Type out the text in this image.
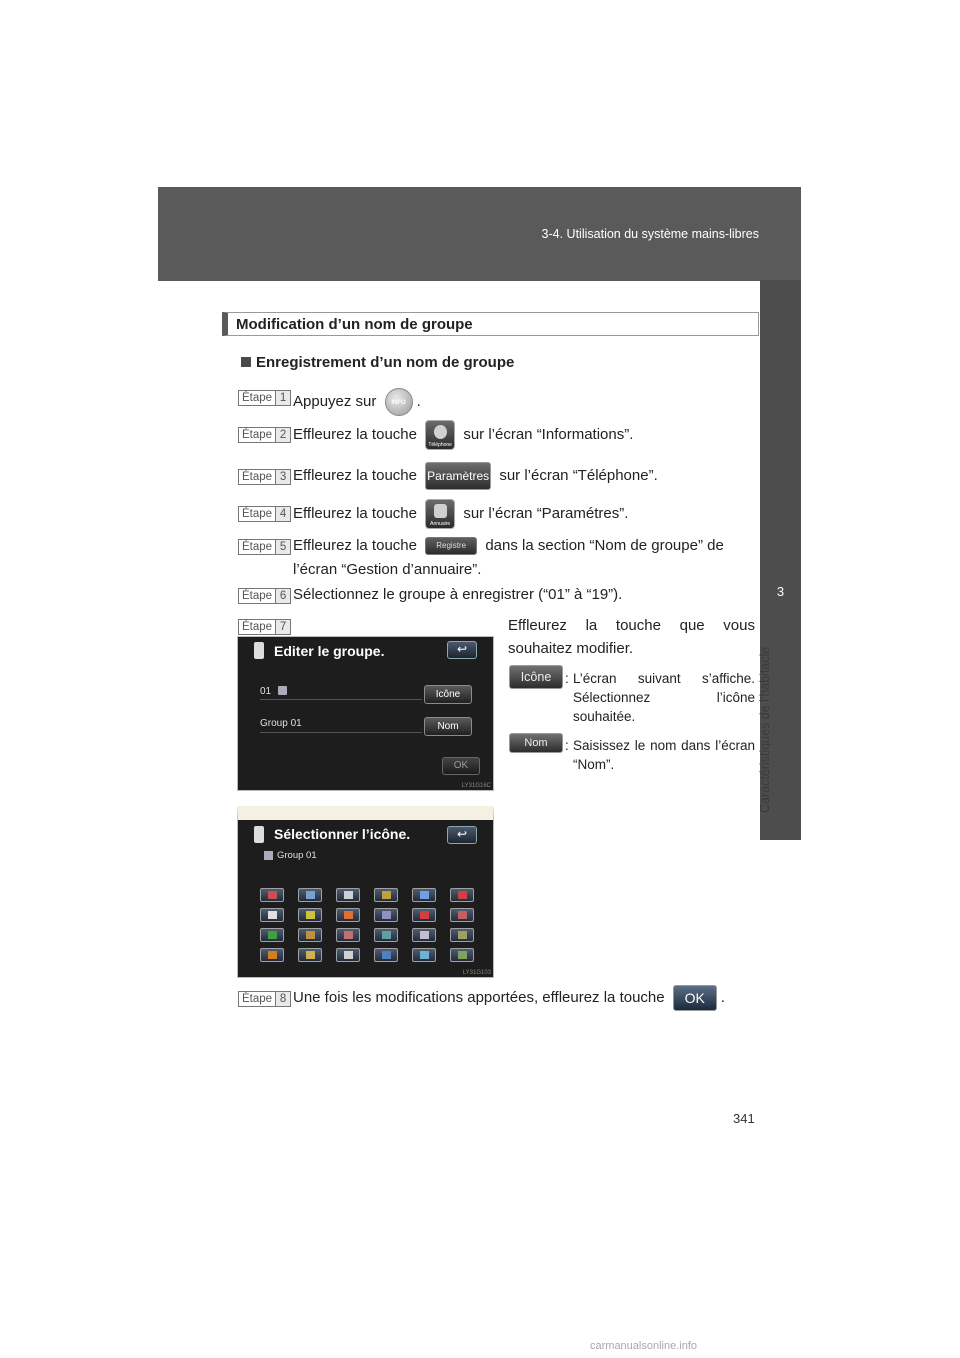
3-4. Utilisation du système mains-libres
3
Caractéristiques de l'habitacle
Modification d’un nom de groupe
Enregistrement d’un nom de groupe
Étape 1 Appuyez sur	INFO .
Étape 2 Effleurez la touche
Téléphone
sur l’écran “Informations”.
Étape 3 Effleurez la touche Paramètres sur l’écran “Téléphone”.
Étape 4 Effleurez la touche
Annuaire
sur l’écran “Paramétres”.
Étape 5 Effleurez la touche Registre dans la section “Nom de groupe” de
l’écran “Gestion d’annuaire”.
Étape 6 Sélectionnez le groupe à enregistrer (“01” à “19”).
Étape 7
Editer le groupe.	↩
01	Icône
Group 01	Nom
OK
LY31G16C
Effleurez la touche que vous souhaitez modifier.
Icône	: L’écran suivant s’affiche. Sélectionnez l’icône souhaitée.
Nom	: Saisissez le nom dans l’écran “Nom”.
Sélectionner l’icône.	↩
Group 01
LY31G103
Étape 8 Une fois les modifications apportées, effleurez la touche OK .
341
carmanualsonline.info
